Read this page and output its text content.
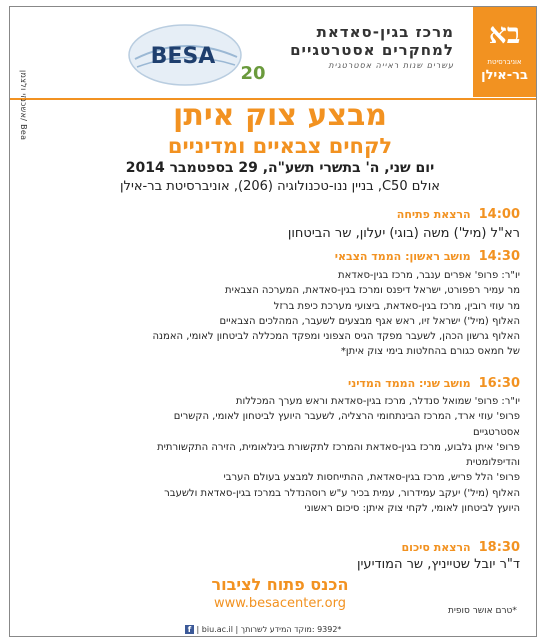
בא
אוניברסיטת
בר-אילן
מרכז בגין-סאדאת
למחקרים אסטרטגיים
עשרים שנות ראייה אסטרטגית
BESA
20
אשכנזי ולצמן/ Bea	מבצע צוק איתן
לקחים צבאיים ומדיניים
יום שני, ה' בתשרי תשע"ה, 29 בספטמבר 2014
אולם C50, בניין ננו-טכנולוגיה (206), אוניברסיטת בר-אילן
14:00הרצאת פתיחה
רא"ל (מיל') משה (בוגי) יעלון, שר הביטחון
14:30מושב ראשון: הממד הצבאי
יו"ר: פרופ' אפרים ענבר, מרכז בגין-סאדאת
מר עמיר רפפורט, ישראל דיפנס ומרכז בגין-סאדאת, המערכה הצבאית
מר עוזי רובין, מרכז בגין-סאדאת, ביצועי מערכת כיפת ברזל
האלוף (מיל') ישראל זיו, ראש אגף מבצעים לשעבר, המהלכים הצבאיים
האלוף גרשון הכהן, לשעבר מפקד הגיס הצפוני ומפקד המכללה לביטחון לאומי, האמנה
של חמאס כגורם בהחלטות בימי צוק איתן*
16:30מושב שני: הממד המדיני
יו"ר: פרופ' שמואל סנדלר, מרכז בגין-סאדאת וראש מערך המכללות
פרופ' עוזי ארד, המרכז הבינתחומי הרצליה, לשעבר היועץ לביטחון לאומי, הקשרים
אסטרטגיים
פרופ' איתן גלבוע, מרכז בגין-סאדאת והמרכז לתקשורת בינלאומית, הזירה התקשורתית
והדיפלומטית
פרופ' הלל פריש, מרכז בגין-סאדאת, ההתייחסות למבצע בעולם הערבי
האלוף (מיל') יעקב עמידרור, עמית בכיר ע"ש רוסהנדלר במרכז בגין-סאדאת ולשעבר
היועץ לביטחון לאומי, לקחי צוק איתן: סיכום ראשוני
18:30הרצאת סיכום
ד"ר יובל שטייניץ, שר המודיעין
הכנס פתוח לציבור
www.besacenter.org	*טרם אושר סופית
*9392 :מוקד המידע לשרותך | biu.ac.il | f
